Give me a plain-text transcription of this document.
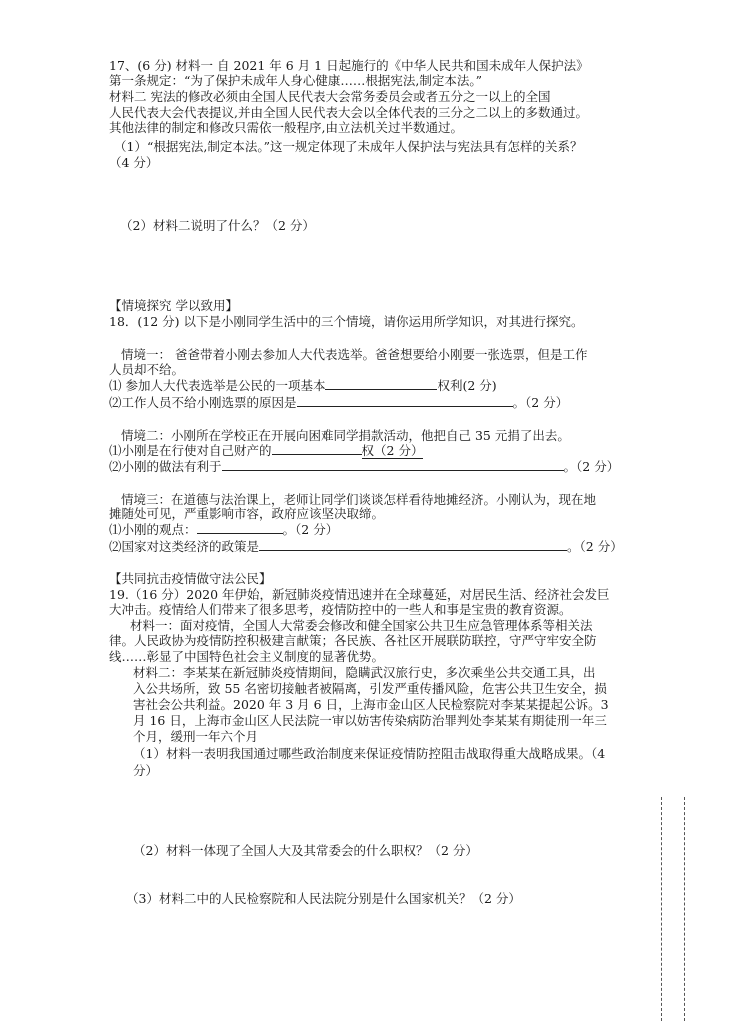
17、(6 分) 材料一 自 2021 年 6 月 1 日起施行的《中华人民共和国未成年人保护法》
第一条规定：“为了保护未成年人身心健康……根据宪法,制定本法。”
材料二 宪法的修改必须由全国人民代表大会常务委员会或者五分之一以上的全国
人民代表大会代表提议,并由全国人民代表大会以全体代表的三分之二以上的多数通过。
其他法律的制定和修改只需依一般程序,由立法机关过半数通过。
（1）“根据宪法,制定本法。”这一规定体现了未成年人保护法与宪法具有怎样的关系？
（4 分）
（2）材料二说明了什么？（2 分）
【情境探究 学以致用】
18．(12 分) 以下是小刚同学生活中的三个情境，请你运用所学知识，对其进行探究。
情境一： 爸爸带着小刚去参加人大代表选举。爸爸想要给小刚要一张选票，但是工作
人员却不给。
⑴ 参加人大代表选举是公民的一项基本	权利(2 分)
⑵工作人员不给小刚选票的原因是	。（2 分）
情境二：小刚所在学校正在开展向困难同学捐款活动，他把自己 35 元捐了出去。
⑴小刚是在行使对自己财产的	权（2 分）
⑵小刚的做法有利于	。（2 分）
情境三：在道德与法治课上，老师让同学们谈谈怎样看待地摊经济。小刚认为，现在地
摊随处可见，严重影响市容，政府应该坚决取缔。
⑴小刚的观点：	。（2 分）
⑵国家对这类经济的政策是	。（2 分）
【共同抗击疫情做守法公民】
19.（16 分）2020 年伊始，新冠肺炎疫情迅速并在全球蔓延，对居民生活、经济社会发巨
大冲击。疫情给人们带来了很多思考，疫情防控中的一些人和事是宝贵的教育资源。
材料一：面对疫情，全国人大常委会修改和健全国家公共卫生应急管理体系等相关法
律。人民政协为疫情防控积极建言献策；各民族、各社区开展联防联控，守严守牢安全防
线……彰显了中国特色社会主义制度的显著优势。
材料二：李某某在新冠肺炎疫情期间，隐瞒武汉旅行史，多次乘坐公共交通工具，出
入公共场所，致 55 名密切接触者被隔离，引发严重传播风险，危害公共卫生安全，损
害社会公共利益。2020 年 3 月 6 日，上海市金山区人民检察院对李某某提起公诉。3
月 16 日，上海市金山区人民法院一审以妨害传染病防治罪判处李某某有期徒刑一年三
个月，缓刑一年六个月
（1）材料一表明我国通过哪些政治制度来保证疫情防控阻击战取得重大战略成果。（4
分）
（2）材料一体现了全国人大及其常委会的什么职权？（2 分）
（3）材料二中的人民检察院和人民法院分别是什么国家机关？（2 分）
